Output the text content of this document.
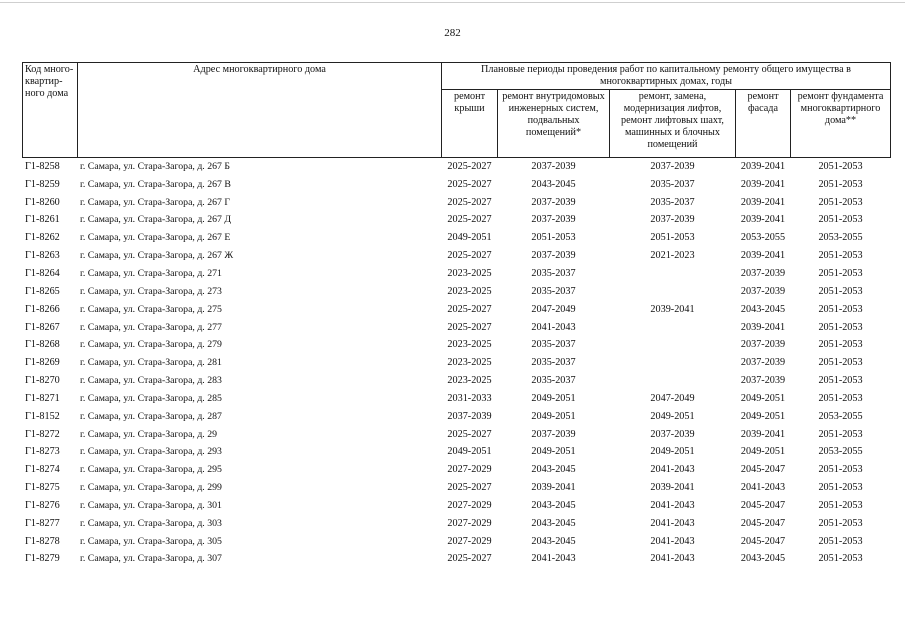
282
Код много-квартир-ного дома	Адрес многоквартирного дома	Плановые периоды проведения работ по капитальному ремонту общего имущества в многоквартирных домах, годы				
		ремонт крыши	ремонт внутридомовых инженерных систем, подвальных помещений*	ремонт, замена, модернизация лифтов, ремонт лифтовых шахт, машинных и блочных помещений	ремонт фасада	ремонт фундамента многоквартирного дома**
Г1-8258	г. Самара, ул. Стара-Загора, д. 267 Б	2025-2027	2037-2039	2037-2039	2039-2041	2051-2053
Г1-8259	г. Самара, ул. Стара-Загора, д. 267 В	2025-2027	2043-2045	2035-2037	2039-2041	2051-2053
Г1-8260	г. Самара, ул. Стара-Загора, д. 267 Г	2025-2027	2037-2039	2035-2037	2039-2041	2051-2053
Г1-8261	г. Самара, ул. Стара-Загора, д. 267 Д	2025-2027	2037-2039	2037-2039	2039-2041	2051-2053
Г1-8262	г. Самара, ул. Стара-Загора, д. 267 Е	2049-2051	2051-2053	2051-2053	2053-2055	2053-2055
Г1-8263	г. Самара, ул. Стара-Загора, д. 267 Ж	2025-2027	2037-2039	2021-2023	2039-2041	2051-2053
Г1-8264	г. Самара, ул. Стара-Загора, д. 271	2023-2025	2035-2037		2037-2039	2051-2053
Г1-8265	г. Самара, ул. Стара-Загора, д. 273	2023-2025	2035-2037		2037-2039	2051-2053
Г1-8266	г. Самара, ул. Стара-Загора, д. 275	2025-2027	2047-2049	2039-2041	2043-2045	2051-2053
Г1-8267	г. Самара, ул. Стара-Загора, д. 277	2025-2027	2041-2043		2039-2041	2051-2053
Г1-8268	г. Самара, ул. Стара-Загора, д. 279	2023-2025	2035-2037		2037-2039	2051-2053
Г1-8269	г. Самара, ул. Стара-Загора, д. 281	2023-2025	2035-2037		2037-2039	2051-2053
Г1-8270	г. Самара, ул. Стара-Загора, д. 283	2023-2025	2035-2037		2037-2039	2051-2053
Г1-8271	г. Самара, ул. Стара-Загора, д. 285	2031-2033	2049-2051	2047-2049	2049-2051	2051-2053
Г1-8152	г. Самара, ул. Стара-Загора, д. 287	2037-2039	2049-2051	2049-2051	2049-2051	2053-2055
Г1-8272	г. Самара, ул. Стара-Загора, д. 29	2025-2027	2037-2039	2037-2039	2039-2041	2051-2053
Г1-8273	г. Самара, ул. Стара-Загора, д. 293	2049-2051	2049-2051	2049-2051	2049-2051	2053-2055
Г1-8274	г. Самара, ул. Стара-Загора, д. 295	2027-2029	2043-2045	2041-2043	2045-2047	2051-2053
Г1-8275	г. Самара, ул. Стара-Загора, д. 299	2025-2027	2039-2041	2039-2041	2041-2043	2051-2053
Г1-8276	г. Самара, ул. Стара-Загора, д. 301	2027-2029	2043-2045	2041-2043	2045-2047	2051-2053
Г1-8277	г. Самара, ул. Стара-Загора, д. 303	2027-2029	2043-2045	2041-2043	2045-2047	2051-2053
Г1-8278	г. Самара, ул. Стара-Загора, д. 305	2027-2029	2043-2045	2041-2043	2045-2047	2051-2053
Г1-8279	г. Самара, ул. Стара-Загора, д. 307	2025-2027	2041-2043	2041-2043	2043-2045	2051-2053
